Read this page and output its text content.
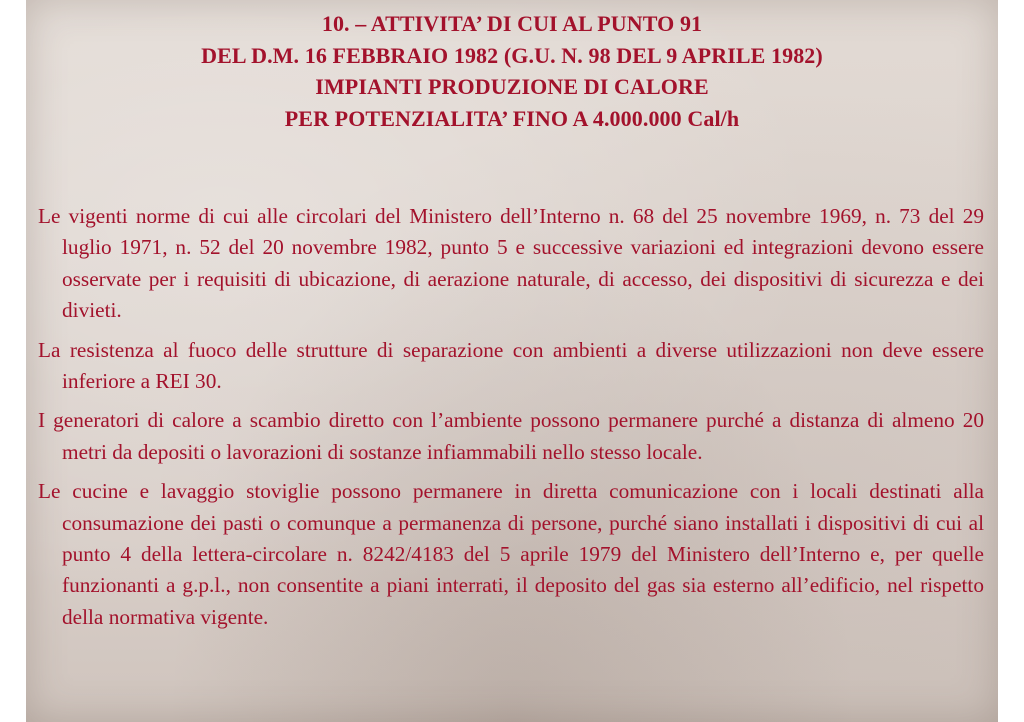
10. – ATTIVITA’ DI CUI AL PUNTO 91
DEL D.M. 16 FEBBRAIO 1982 (G.U. N. 98 DEL 9 APRILE 1982)
IMPIANTI PRODUZIONE DI CALORE
PER POTENZIALITA’ FINO A 4.000.000 Cal/h

Le vigenti norme di cui alle circolari del Ministero dell’Interno n. 68 del 25 novembre 1969, n. 73 del 29 luglio 1971, n. 52 del 20 novembre 1982, punto 5 e successive variazioni ed integrazioni devono essere osservate per i requisiti di ubicazione, di aerazione naturale, di accesso, dei dispositivi di sicurezza e dei divieti.

La resistenza al fuoco delle strutture di separazione con ambienti a diverse utilizzazioni non deve essere inferiore a REI 30.

I generatori di calore a scambio diretto con l’ambiente possono permanere purché a distanza di almeno 20 metri da depositi o lavorazioni di sostanze infiammabili nello stesso locale.

Le cucine e lavaggio stoviglie possono permanere in diretta comunicazione con i locali destinati alla consumazione dei pasti o comunque a permanenza di persone, purché siano installati i dispositivi di cui al punto 4 della lettera-circolare n. 8242/4183 del 5 aprile 1979 del Ministero dell’Interno e, per quelle funzionanti a g.p.l., non consentite a piani interrati, il deposito del gas sia esterno all’edificio, nel rispetto della normativa vigente.
